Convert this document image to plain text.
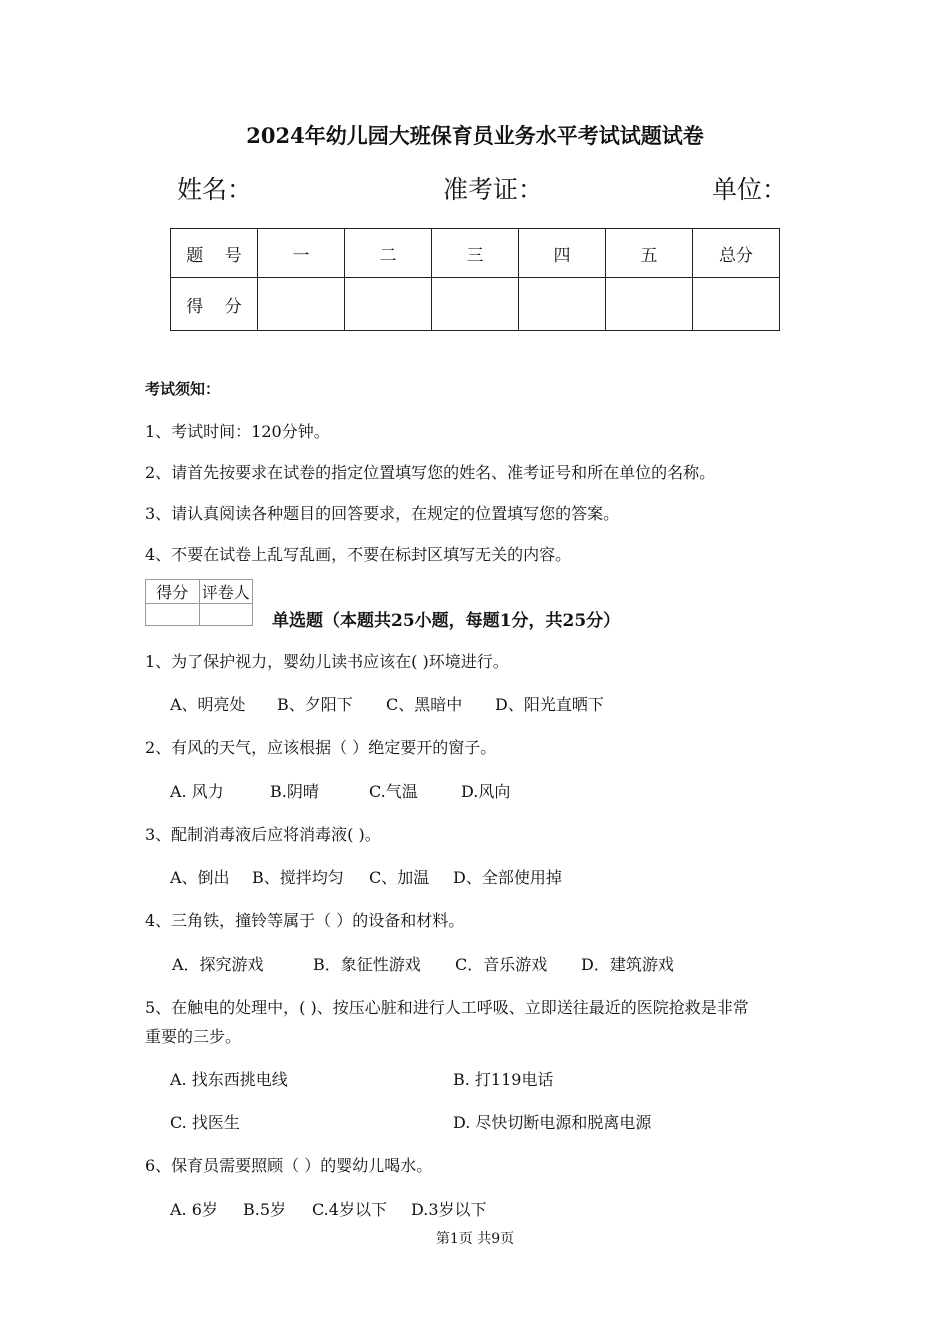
2024年幼儿园大班保育员业务水平考试试题试卷
姓名：	准考证：	单位：
题    号	一	二	三	四	五	总分
得    分						
考试须知：
1、考试时间：120分钟。
2、请首先按要求在试卷的指定位置填写您的姓名、准考证号和所在单位的名称。
3、请认真阅读各种题目的回答要求，在规定的位置填写您的答案。
4、不要在试卷上乱写乱画，不要在标封区填写无关的内容。
得分	评卷人

单选题（本题共25小题，每题1分，共25分）
1、为了保护视力，婴幼儿读书应该在( )环境进行。
A、明亮处 B、夕阳下 C、黑暗中 D、阳光直晒下
2、有风的天气，应该根据（ ）绝定要开的窗子。
A. 风力	B.阴晴	C.气温	D.风向
3、配制消毒液后应将消毒液( )。
A、倒出 B、搅拌均匀 C、加温 D、全部使用掉
4、三角铁，撞铃等属于（ ）的设备和材料。
A．探究游戏	B．象征性游戏 C．音乐游戏 D．建筑游戏
5、在触电的处理中，( )、按压心脏和进行人工呼吸、立即送往最近的医院抢救是非常
重要的三步。
A. 找东西挑电线	B. 打119电话
C. 找医生	D. 尽快切断电源和脱离电源
6、保育员需要照顾（ ）的婴幼儿喝水。
A. 6岁 B.5岁 C.4岁以下 D.3岁以下
第1页 共9页
